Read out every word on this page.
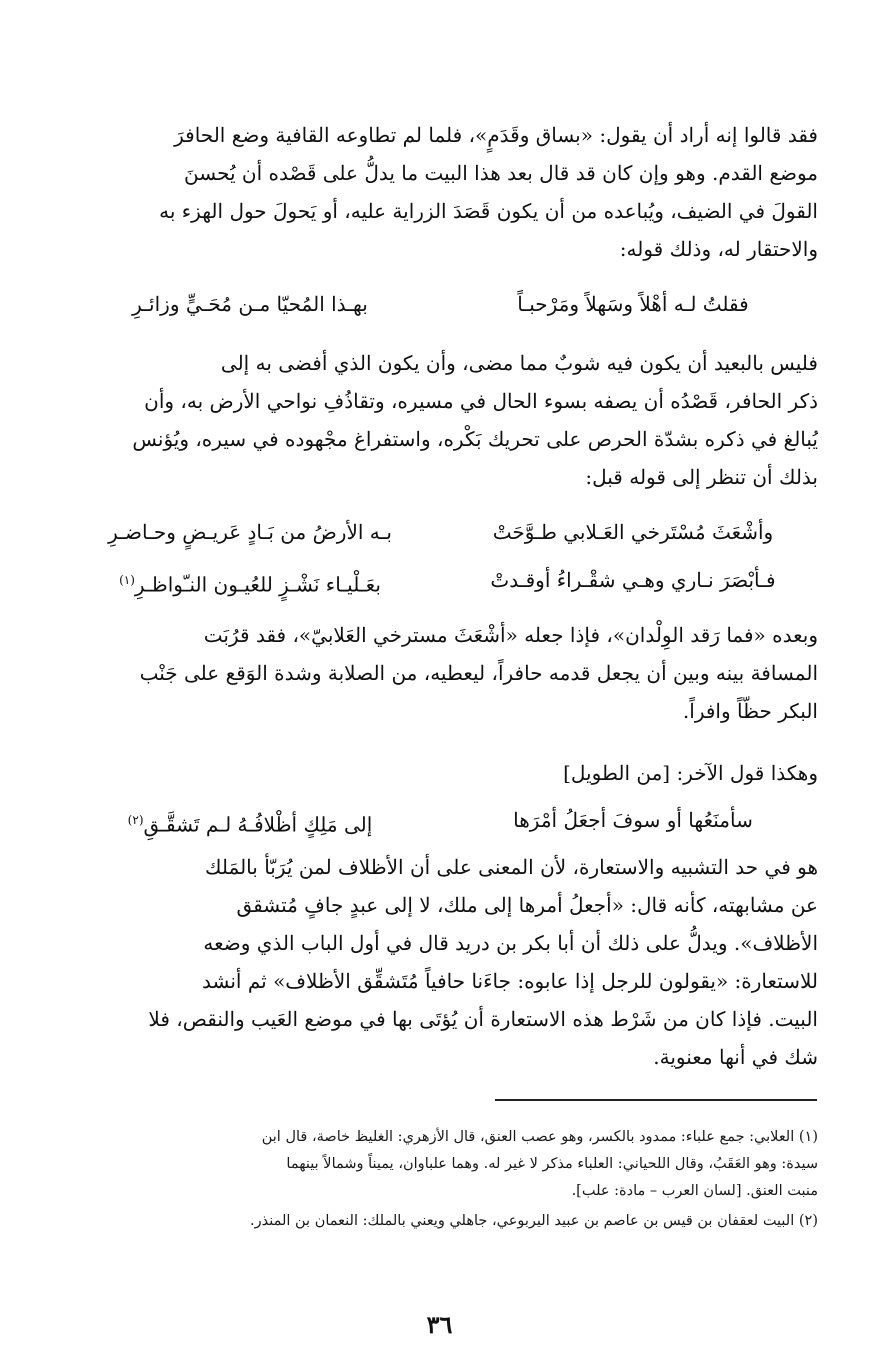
فقد قالوا إنه أراد أن يقول: «بساق وقَدَمٍ»، فلما لم تطاوعه القافية وضع الحافرَ
موضع القدم. وهو وإن كان قد قال بعد هذا البيت ما يدلُّ على قَصْده أن يُحسنَ
القولَ في الضيف، ويُباعده من أن يكون قَصَدَ الزراية عليه، أو يَحولَ حول الهزء به
والاحتقار له، وذلك قوله:
فقلتُ لـه أهْلاً وسَهلاً ومَرْحبـاً
بهـذا المُحيّا مـن مُحَـيٍّ وزائـرِ
فليس بالبعيد أن يكون فيه شوبٌ مما مضى، وأن يكون الذي أفضى به إلى
ذكر الحافر، قَصْدُه أن يصفه بسوء الحال في مسيره، وتقاذُفِ نواحي الأرض به، وأن
يُبالغ في ذكره بشدّة الحرص على تحريك بَكْره، واستفراغ مجْهوده في سيره، ويُؤنس
بذلك أن تنظر إلى قوله قبل:
وأشْعَثَ مُسْتَرخي العَـلابي طـوَّحَتْ
بـه الأرضُ من بَـادٍ عَريـضٍ وحـاضـرِ
فـأبْصَرَ نـاري وهـي شقْـراءُ أوقـدتْ
بعَـلْيـاء نَشْـزٍ للعُيـون النـّواظـرِ$^{(١)}$
وبعده «فما رَقد الوِلْدان»، فإذا جعله «أشْعَثَ مسترخي العَلابيّ»، فقد قرُبَت
المسافة بينه وبين أن يجعل قدمه حافراً، ليعطيه، من الصلابة وشدة الوَقع على جَنْب
البكر حظّاً وافراً.
وهكذا قول الآخر: [من الطويل]
سأمنَعُها أو سوفَ أجعَلُ أمْرَها
إلى مَلِكٍ أظْلافُـهُ لـم تَشقَّـقِ$^{(٢)}$
هو في حد التشبيه والاستعارة، لأن المعنى على أن الأظلاف لمن يُرَبّأ بالمَلك
عن مشابهته، كأنه قال: «أجعلُ أمرها إلى ملك، لا إلى عبدٍ جافٍ مُتشقق
الأظلاف». ويدلُّ على ذلك أن أبا بكر بن دريد قال في أول الباب الذي وضعه
للاستعارة: «يقولون للرجل إذا عابوه: جاءَنا حافياً مُتَشقِّق الأظلاف» ثم أنشد
البيت. فإذا كان من شَرْط هذه الاستعارة أن يُؤتَى بها في موضع العَيب والنقص، فلا
شك في أنها معنوية.
(١) العلابي: جمع علباء: ممدود بالكسر، وهو عصب العنق، قال الأزهري: الغليظ خاصة، قال ابن
سيدة: وهو العَقَبُ، وقال اللحياني: العلباء مذكر لا غير له. وهما علباوان، يميناً وشمالاً بينهما
منبت العنق. [لسان العرب – مادة: علب].
(٢) البيت لعقفان بن قيس بن عاصم بن عبيد اليربوعي، جاهلي ويعني بالملك: النعمان بن المنذر.
٣٦
